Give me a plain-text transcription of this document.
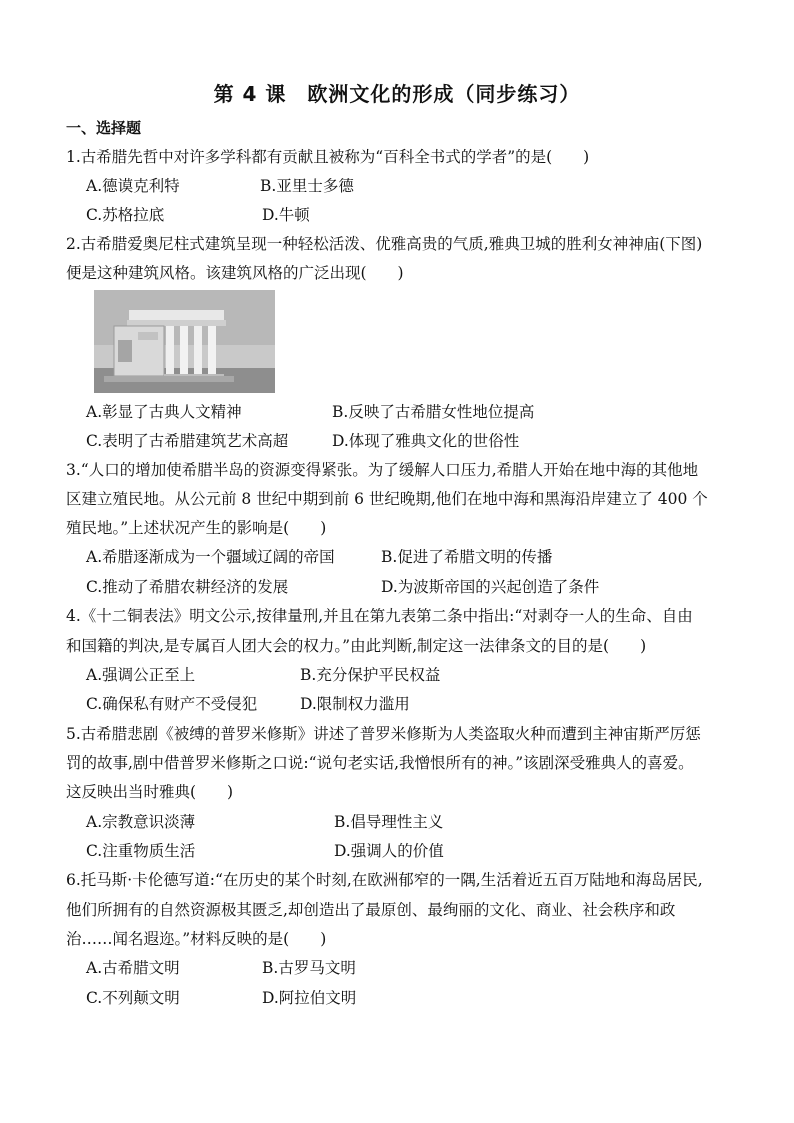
第 4 课　欧洲文化的形成（同步练习）
一、选择题
1.古希腊先哲中对许多学科都有贡献且被称为“百科全书式的学者”的是(　　)
A.德谟克利特	B.亚里士多德
C.苏格拉底	D.牛顿
2.古希腊爱奥尼柱式建筑呈现一种轻松活泼、优雅高贵的气质,雅典卫城的胜利女神神庙(下图)
便是这种建筑风格。该建筑风格的广泛出现(　　)
A.彰显了古典人文精神	B.反映了古希腊女性地位提高
C.表明了古希腊建筑艺术高超	D.体现了雅典文化的世俗性
3.“人口的增加使希腊半岛的资源变得紧张。为了缓解人口压力,希腊人开始在地中海的其他地
区建立殖民地。从公元前 8 世纪中期到前 6 世纪晚期,他们在地中海和黑海沿岸建立了 400 个
殖民地。”上述状况产生的影响是(　　)
A.希腊逐渐成为一个疆域辽阔的帝国	B.促进了希腊文明的传播
C.推动了希腊农耕经济的发展	D.为波斯帝国的兴起创造了条件
4.《十二铜表法》明文公示,按律量刑,并且在第九表第二条中指出:“对剥夺一人的生命、自由
和国籍的判决,是专属百人团大会的权力。”由此判断,制定这一法律条文的目的是(　　)
A.强调公正至上	B.充分保护平民权益
C.确保私有财产不受侵犯	D.限制权力滥用
5.古希腊悲剧《被缚的普罗米修斯》讲述了普罗米修斯为人类盗取火种而遭到主神宙斯严厉惩
罚的故事,剧中借普罗米修斯之口说:“说句老实话,我憎恨所有的神。”该剧深受雅典人的喜爱。
这反映出当时雅典(　　)
A.宗教意识淡薄	B.倡导理性主义
C.注重物质生活	D.强调人的价值
6.托马斯·卡伦德写道:“在历史的某个时刻,在欧洲郁窄的一隅,生活着近五百万陆地和海岛居民,
他们所拥有的自然资源极其匮乏,却创造出了最原创、最绚丽的文化、商业、社会秩序和政
治……闻名遐迩。”材料反映的是(　　)
A.古希腊文明	B.古罗马文明
C.不列颠文明	D.阿拉伯文明
